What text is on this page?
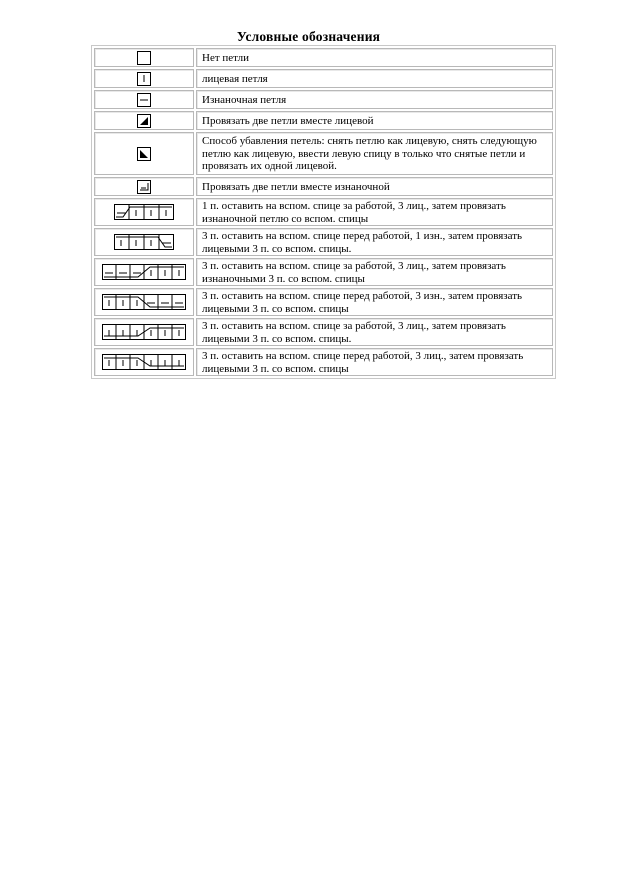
Условные обозначения
Нет петли
лицевая петля
Изнаночная петля
Провязать две петли вместе лицевой
Способ убавления петель: снять петлю как лицевую, снять следующую петлю как лицевую, ввести левую спицу в только что снятые петли и провязать их одной лицевой.
Провязать две петли вместе изнаночной
1 п. оставить на вспом. спице за работой, 3 лиц., затем провязать изнаночной петлю со вспом. спицы
3 п. оставить на вспом. спице перед работой, 1 изн., затем провязать лицевыми 3 п. со вспом. спицы.
3 п. оставить на вспом. спице за работой, 3 лиц., затем провязать изнаночными 3 п. со вспом. спицы
3 п. оставить на вспом. спице перед работой, 3 изн., затем провязать лицевыми 3 п. со вспом. спицы
3 п. оставить на вспом. спице за работой, 3 лиц., затем провязать лицевыми 3 п. со вспом. спицы.
3 п. оставить на вспом. спице перед работой, 3 лиц., затем провязать лицевыми 3 п. со вспом. спицы
